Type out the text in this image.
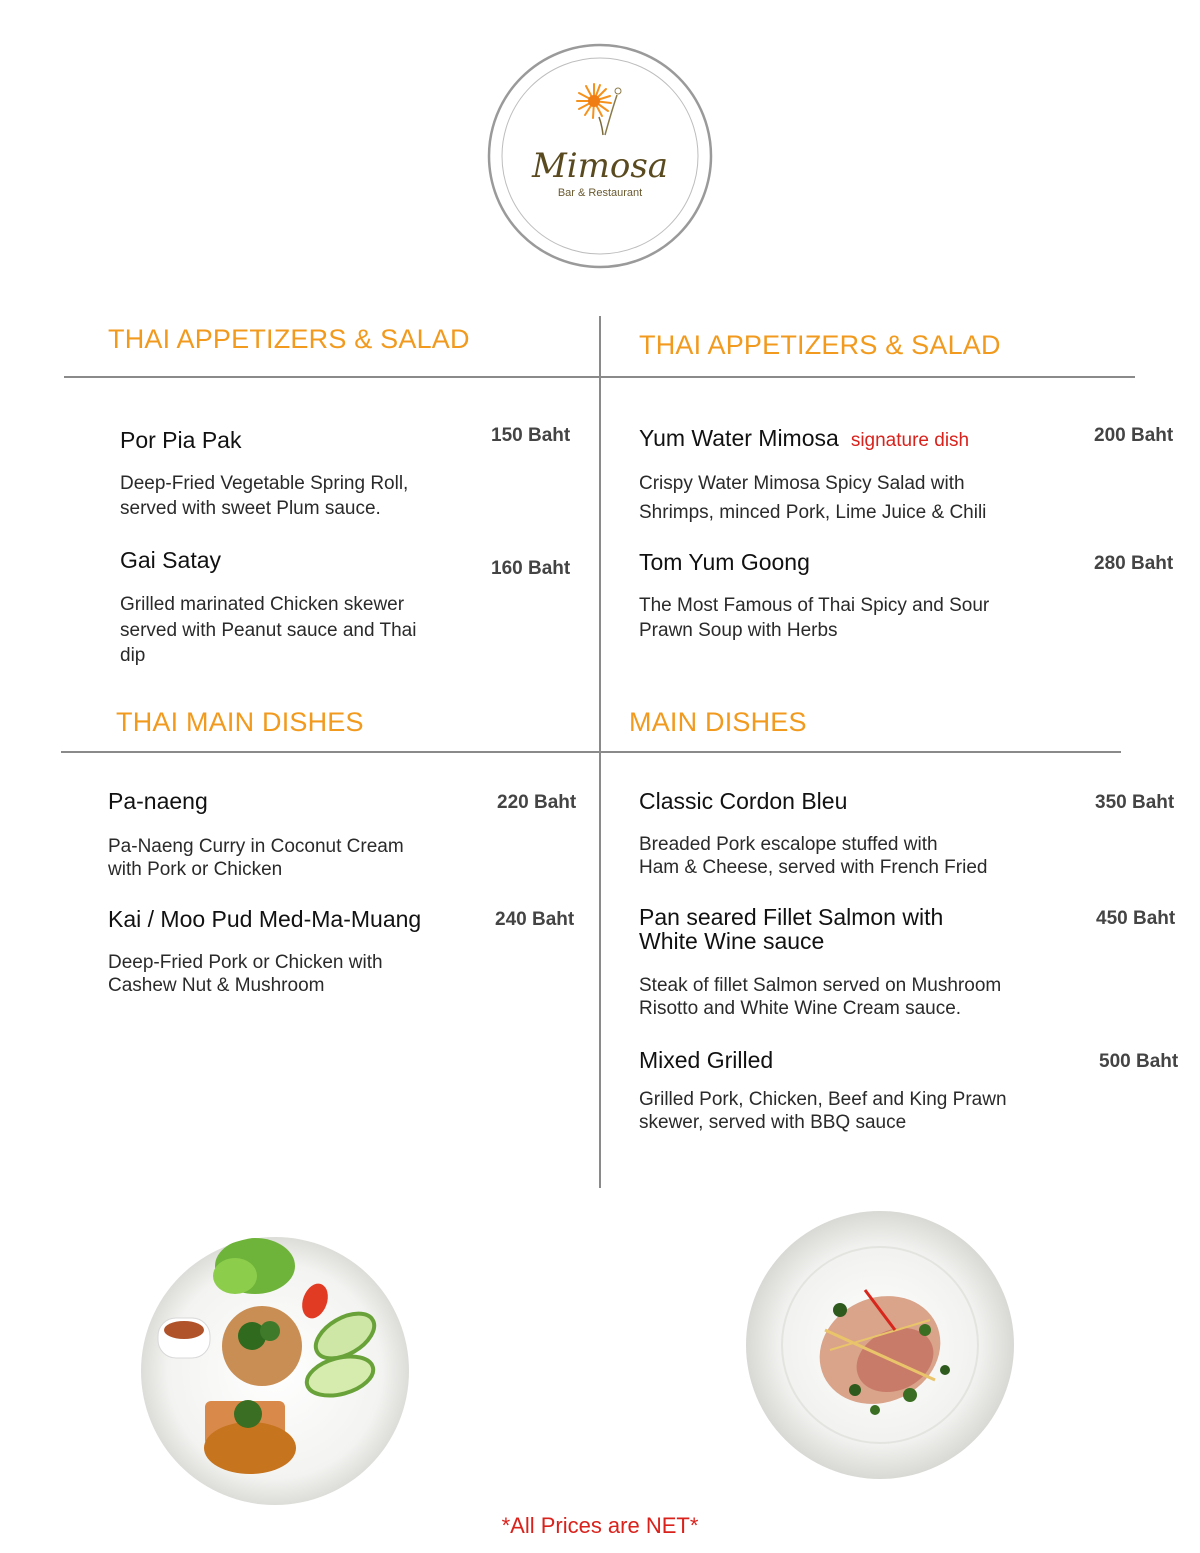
Mimosa
Bar & Restaurant
THAI APPETIZERS & SALAD	THAI APPETIZERS & SALAD
THAI MAIN DISHES	MAIN DISHES
Por Pia Pak	150 Baht
Deep-Fried Vegetable Spring Roll,
served with sweet Plum sauce.
Gai Satay	160 Baht
Grilled marinated Chicken skewer
served with Peanut sauce and Thai
dip
Yum Water Mimosa signature dish	200 Baht
Crispy Water Mimosa Spicy Salad with
Shrimps, minced Pork, Lime Juice & Chili
Tom Yum Goong	280 Baht
The Most Famous of Thai Spicy and Sour
Prawn Soup with Herbs
Pa-naeng	220 Baht
Pa-Naeng Curry in Coconut Cream
with Pork or Chicken
Kai / Moo Pud Med-Ma-Muang	240 Baht
Deep-Fried Pork or Chicken with
Cashew Nut & Mushroom
Classic Cordon Bleu	350 Baht
Breaded Pork escalope stuffed with
Ham & Cheese, served with French Fried
Pan seared Fillet Salmon with
White Wine sauce
450 Baht
Steak of fillet Salmon served on Mushroom
Risotto and White Wine Cream sauce.
Mixed Grilled	500 Baht
Grilled Pork, Chicken, Beef and King Prawn
skewer, served with BBQ sauce
*All Prices are NET*
